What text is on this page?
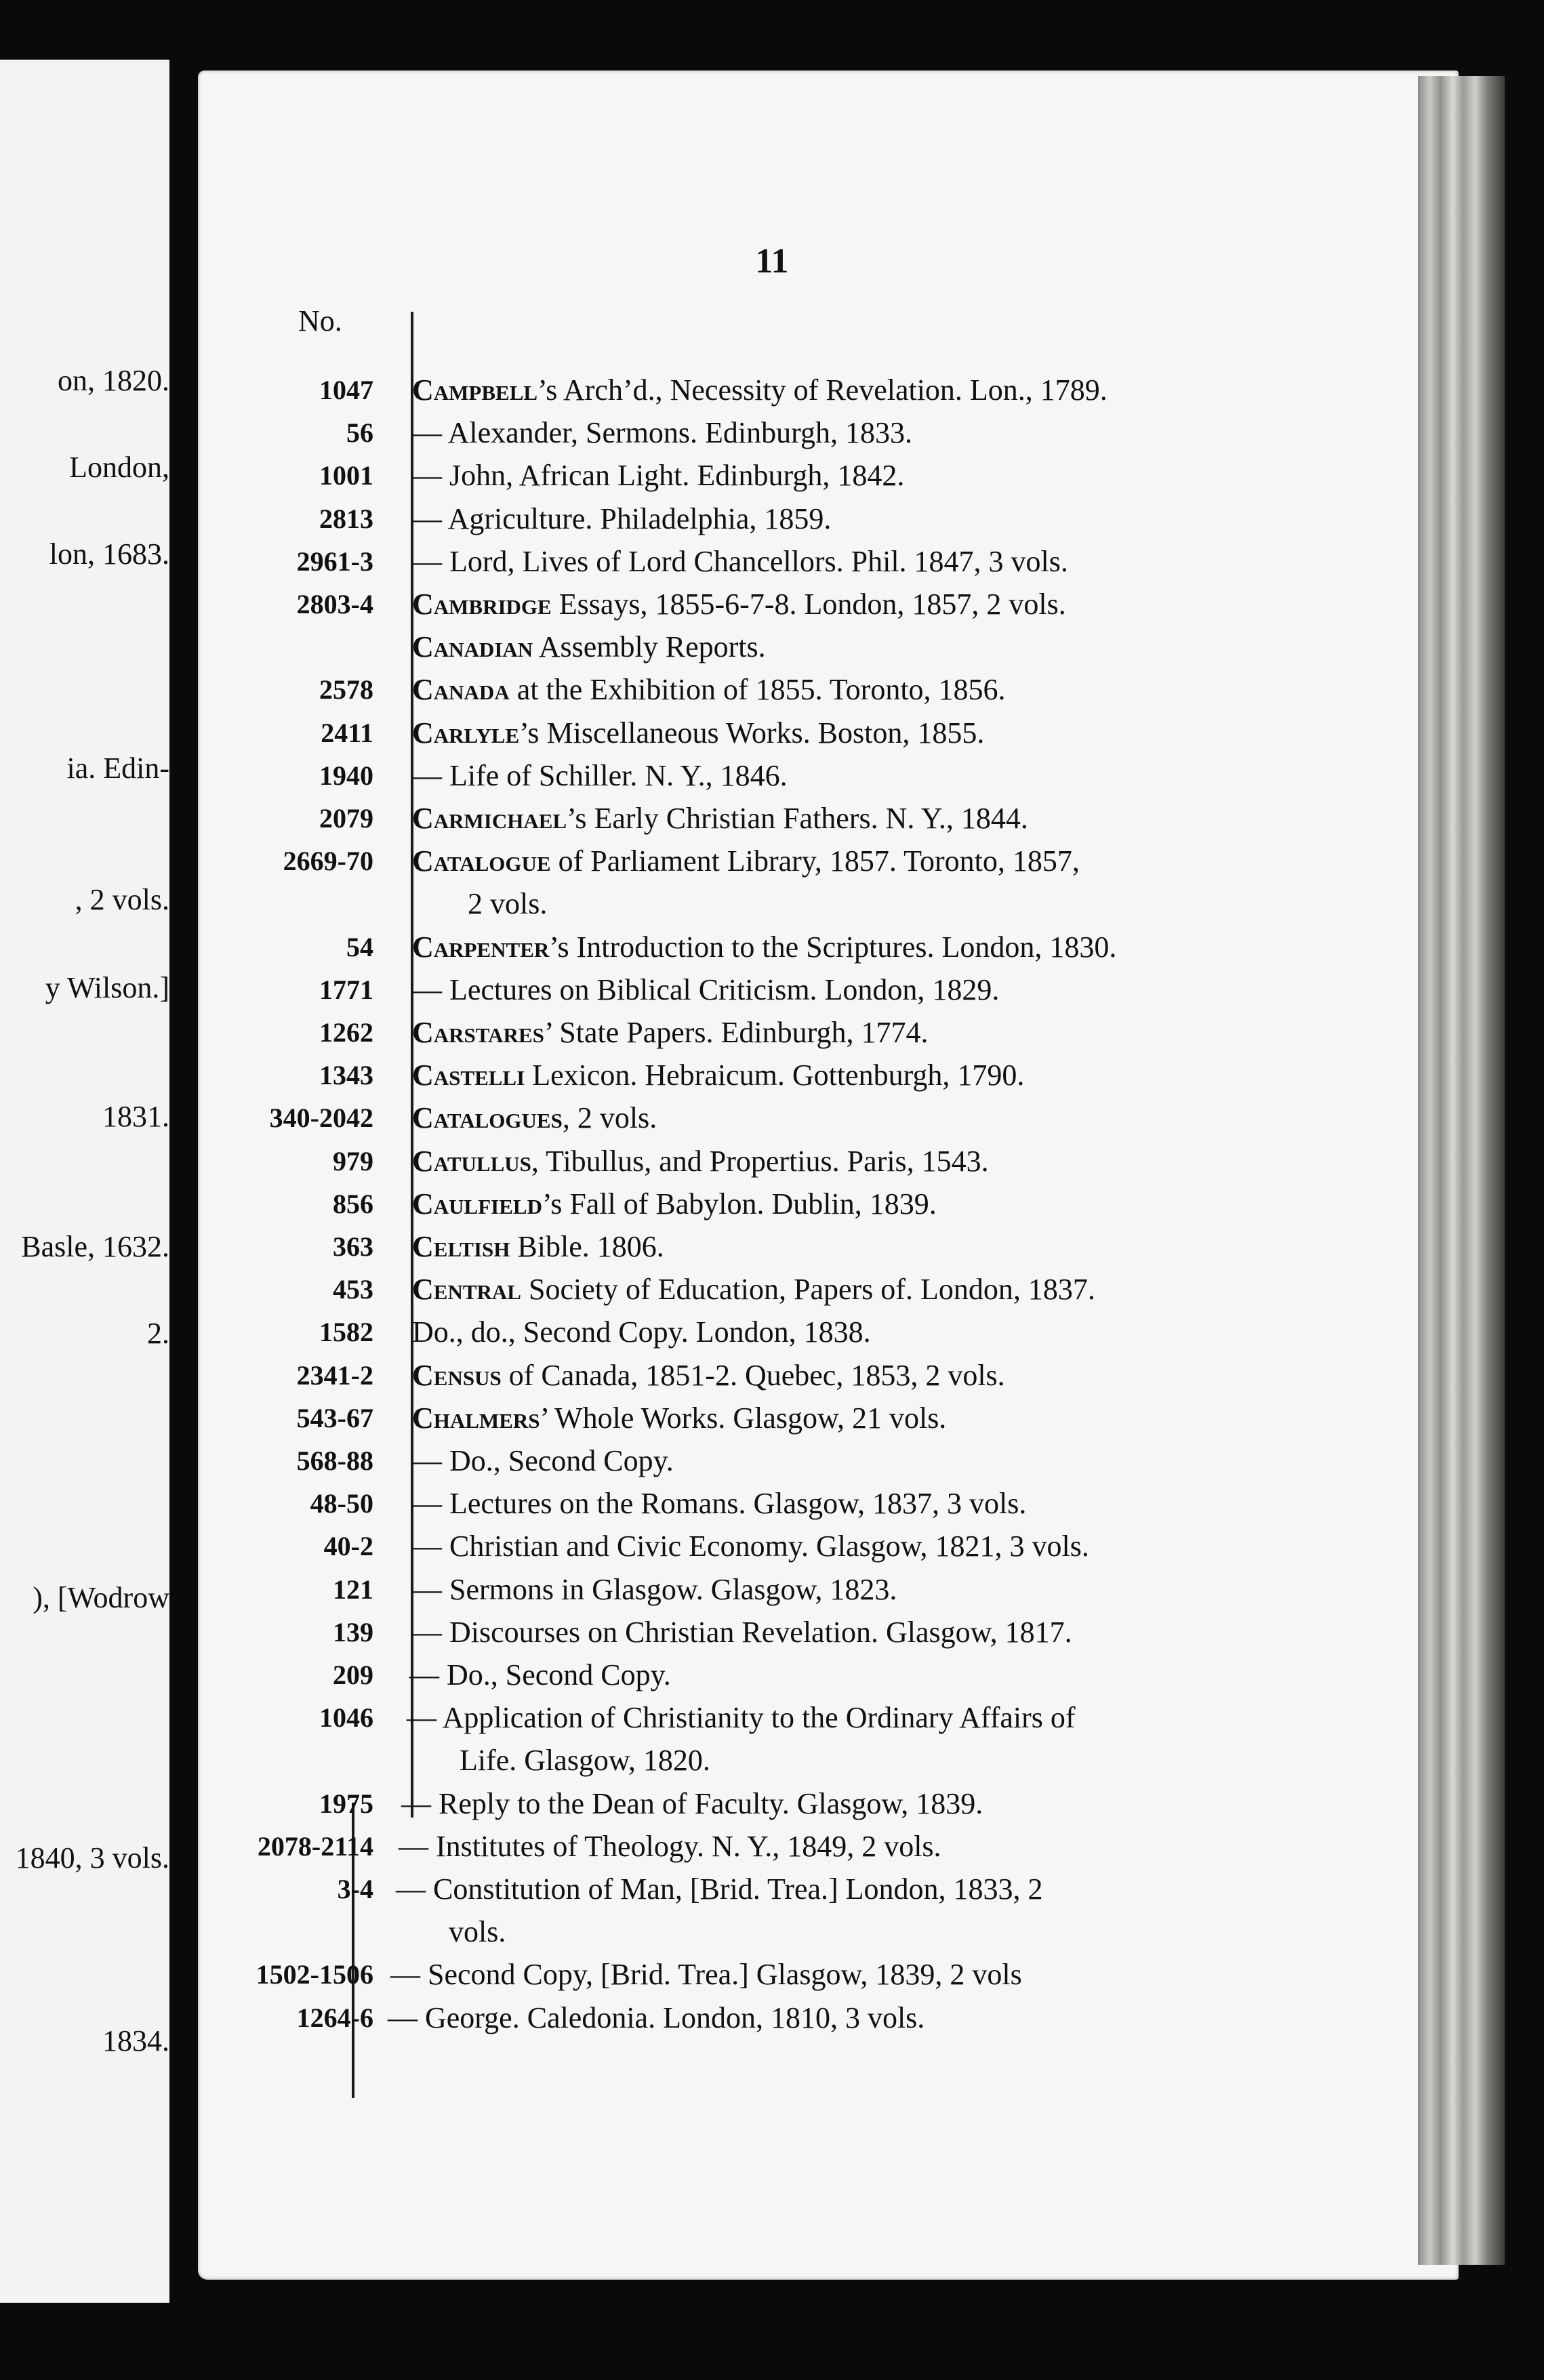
on, 1820.
London,
lon, 1683.
ia. Edin-
, 2 vols.
y Wilson.]
1831.
Basle, 1632.
2.
), [Wodrow
1840, 3 vols.
1834.
11
No.
1047 Campbell’s Arch’d., Necessity of Revelation. Lon., 1789.
56 — Alexander, Sermons. Edinburgh, 1833.
1001 — John, African Light. Edinburgh, 1842.
2813 — Agriculture. Philadelphia, 1859.
2961-3 — Lord, Lives of Lord Chancellors. Phil. 1847, 3 vols.
2803-4 Cambridge Essays, 1855-6-7-8. London, 1857, 2 vols.
Canadian Assembly Reports.
2578 Canada at the Exhibition of 1855. Toronto, 1856.
2411 Carlyle’s Miscellaneous Works. Boston, 1855.
1940 — Life of Schiller. N. Y., 1846.
2079 Carmichael’s Early Christian Fathers. N. Y., 1844.
2669-70 Catalogue of Parliament Library, 1857. Toronto, 1857,
2 vols.
54 Carpenter’s Introduction to the Scriptures. London, 1830.
1771 — Lectures on Biblical Criticism. London, 1829.
1262 Carstares’ State Papers. Edinburgh, 1774.
1343 Castelli Lexicon. Hebraicum. Gottenburgh, 1790.
340-2042 Catalogues, 2 vols.
979 Catullus, Tibullus, and Propertius. Paris, 1543.
856 Caulfield’s Fall of Babylon. Dublin, 1839.
363 Celtish Bible. 1806.
453 Central Society of Education, Papers of. London, 1837.
1582 Do., do., Second Copy. London, 1838.
2341-2 Census of Canada, 1851-2. Quebec, 1853, 2 vols.
543-67 Chalmers’ Whole Works. Glasgow, 21 vols.
568-88 — Do., Second Copy.
48-50 — Lectures on the Romans. Glasgow, 1837, 3 vols.
40-2 — Christian and Civic Economy. Glasgow, 1821, 3 vols.
121 — Sermons in Glasgow. Glasgow, 1823.
139 — Discourses on Christian Revelation. Glasgow, 1817.
209 — Do., Second Copy.
1046 — Application of Christianity to the Ordinary Affairs of
Life. Glasgow, 1820.
1975 — Reply to the Dean of Faculty. Glasgow, 1839.
2078-2114 — Institutes of Theology. N. Y., 1849, 2 vols.
3-4 — Constitution of Man, [Brid. Trea.] London, 1833, 2
vols.
1502-1506 — Second Copy, [Brid. Trea.] Glasgow, 1839, 2 vols
1264-6 — George. Caledonia. London, 1810, 3 vols.
